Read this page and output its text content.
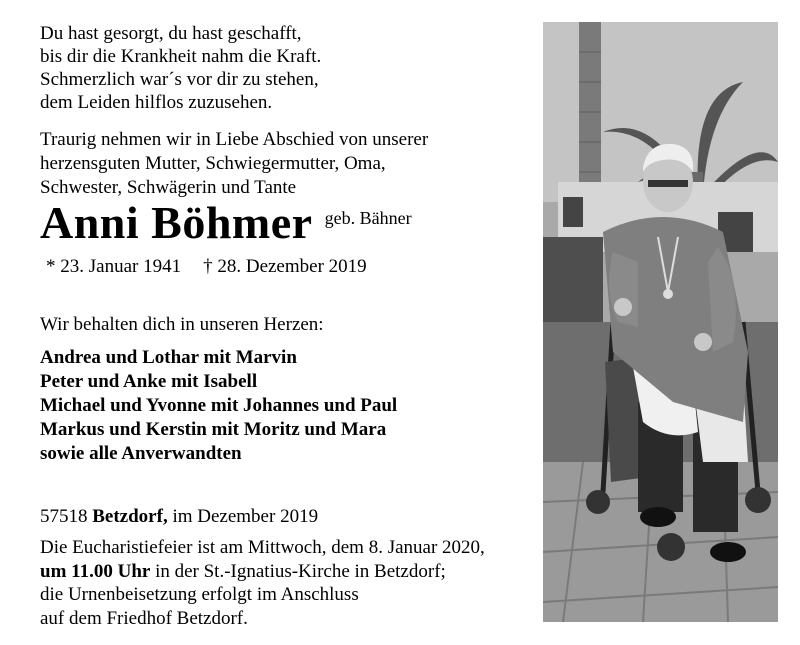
Du hast gesorgt, du hast geschafft,
bis dir die Krankheit nahm die Kraft.
Schmerzlich war´s vor dir zu stehen,
dem Leiden hilflos zuzusehen.
Traurig nehmen wir in Liebe Abschied von unserer
herzensguten Mutter, Schwiegermutter, Oma,
Schwester, Schwägerin und Tante
Anni Böhmer geb. Bähner
* 23. Januar 1941 † 28. Dezember 2019
Wir behalten dich in unseren Herzen:
Andrea und Lothar mit Marvin
Peter und Anke mit Isabell
Michael und Yvonne mit Johannes und Paul
Markus und Kerstin mit Moritz und Mara
sowie alle Anverwandten
57518 Betzdorf, im Dezember 2019
Die Eucharistiefeier ist am Mittwoch, dem 8. Januar 2020,
um 11.00 Uhr in der St.-Ignatius-Kirche in Betzdorf;
die Urnenbeisetzung erfolgt im Anschluss
auf dem Friedhof Betzdorf.
